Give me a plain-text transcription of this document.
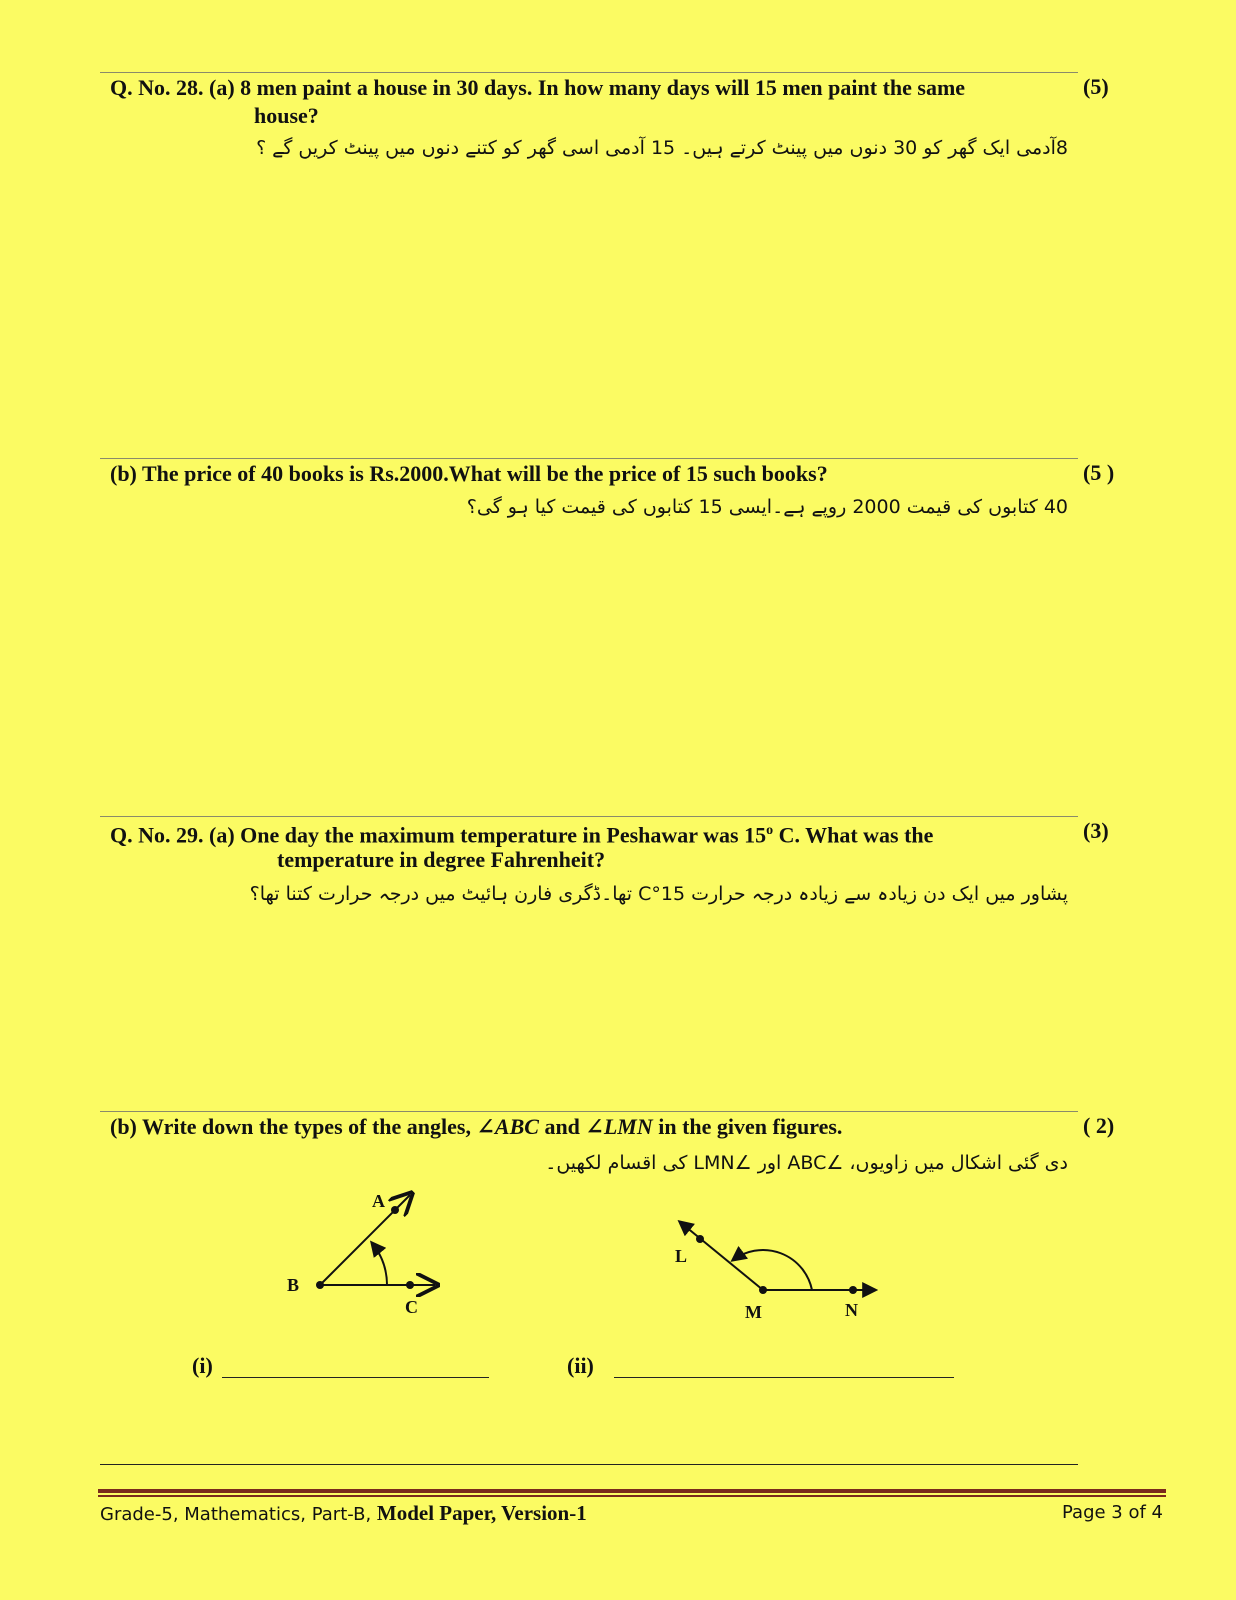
Q. No. 28. (a) 8 men paint a house in 30 days. In how many days will 15 men paint the same
house?
(5)
8آدمی ایک گھر کو 30 دنوں میں پینٹ کرتے ہیں۔ 15 آدمی اسی گھر کو کتنے دنوں میں پینٹ کریں گے ؟
(b) The price of 40 books is Rs.2000.What will be the price of 15 such books?	(5 )
40 کتابوں کی قیمت 2000 روپے ہے۔ایسی 15 کتابوں کی قیمت کیا ہو گی؟
Q. No. 29. (a) One day the maximum temperature in Peshawar was 15$^o$ C. What was the
temperature in degree Fahrenheit?
(3)
پشاور میں ایک دن زیادہ سے زیادہ درجہ حرارت 15°C تھا۔ڈگری فارن ہائیٹ میں درجہ حرارت کتنا تھا؟
(b) Write down the types of the angles, ∠ABC and ∠LMN in the given figures.	( 2)
دی گئی اشکال میں زاویوں، ∠ABC اور ∠LMN کی اقسام لکھیں۔
A
B
C
L
M	N
(i)	(ii)
Grade-5, Mathematics, Part-B, Model Paper, Version-1	Page 3 of 4
